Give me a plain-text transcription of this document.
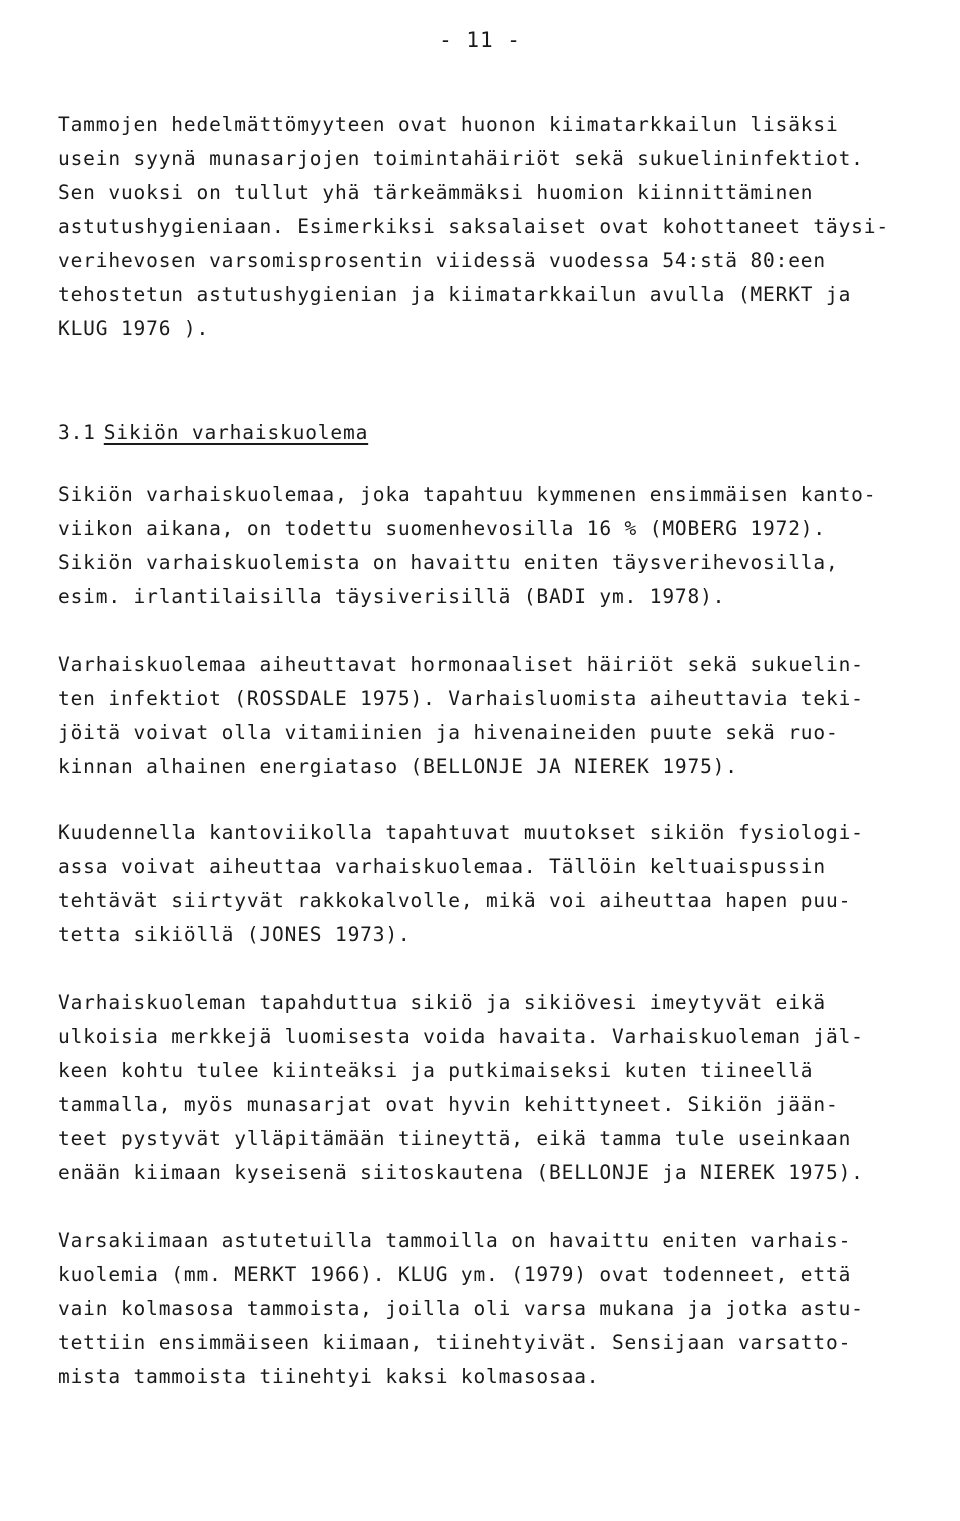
- 11 -
Tammojen hedelmättömyyteen ovat huonon kiimatarkkailun lisäksi
usein syynä munasarjojen toimintahäiriöt sekä sukuelininfektiot.
Sen vuoksi on tullut yhä tärkeämmäksi huomion kiinnittäminen
astutushygieniaan. Esimerkiksi saksalaiset ovat kohottaneet täysi-
verihevosen varsomisprosentin viidessä vuodessa 54:stä 80:een
tehostetun astutushygienian ja kiimatarkkailun avulla (MERKT ja
KLUG 1976 ).
3.1 Sikiön varhaiskuolema
Sikiön varhaiskuolemaa, joka tapahtuu kymmenen ensimmäisen kanto-
viikon aikana, on todettu suomenhevosilla 16 % (MOBERG 1972).
Sikiön varhaiskuolemista on havaittu eniten täysverihevosilla,
esim. irlantilaisilla täysiverisillä (BADI ym. 1978).
Varhaiskuolemaa aiheuttavat hormonaaliset häiriöt sekä sukuelin-
ten infektiot (ROSSDALE 1975). Varhaisluomista aiheuttavia teki-
jöitä voivat olla vitamiinien ja hivenaineiden puute sekä ruo-
kinnan alhainen energiataso (BELLONJE JA NIEREK 1975).
Kuudennella kantoviikolla tapahtuvat muutokset sikiön fysiologi-
assa voivat aiheuttaa varhaiskuolemaa. Tällöin keltuaispussin
tehtävät siirtyvät rakkokalvolle, mikä voi aiheuttaa hapen puu-
tetta sikiöllä (JONES 1973).
Varhaiskuoleman tapahduttua sikiö ja sikiövesi imeytyvät eikä
ulkoisia merkkejä luomisesta voida havaita. Varhaiskuoleman jäl-
keen kohtu tulee kiinteäksi ja putkimaiseksi kuten tiineellä
tammalla, myös munasarjat ovat hyvin kehittyneet. Sikiön jään-
teet pystyvät ylläpitämään tiineyttä, eikä tamma tule useinkaan
enään kiimaan kyseisenä siitoskautena (BELLONJE ja NIEREK 1975).
Varsakiimaan astutetuilla tammoilla on havaittu eniten varhais-
kuolemia (mm. MERKT 1966). KLUG ym. (1979) ovat todenneet, että
vain kolmasosa tammoista, joilla oli varsa mukana ja jotka astu-
tettiin ensimmäiseen kiimaan, tiinehtyivät. Sensijaan varsatto-
mista tammoista tiinehtyi kaksi kolmasosaa.
